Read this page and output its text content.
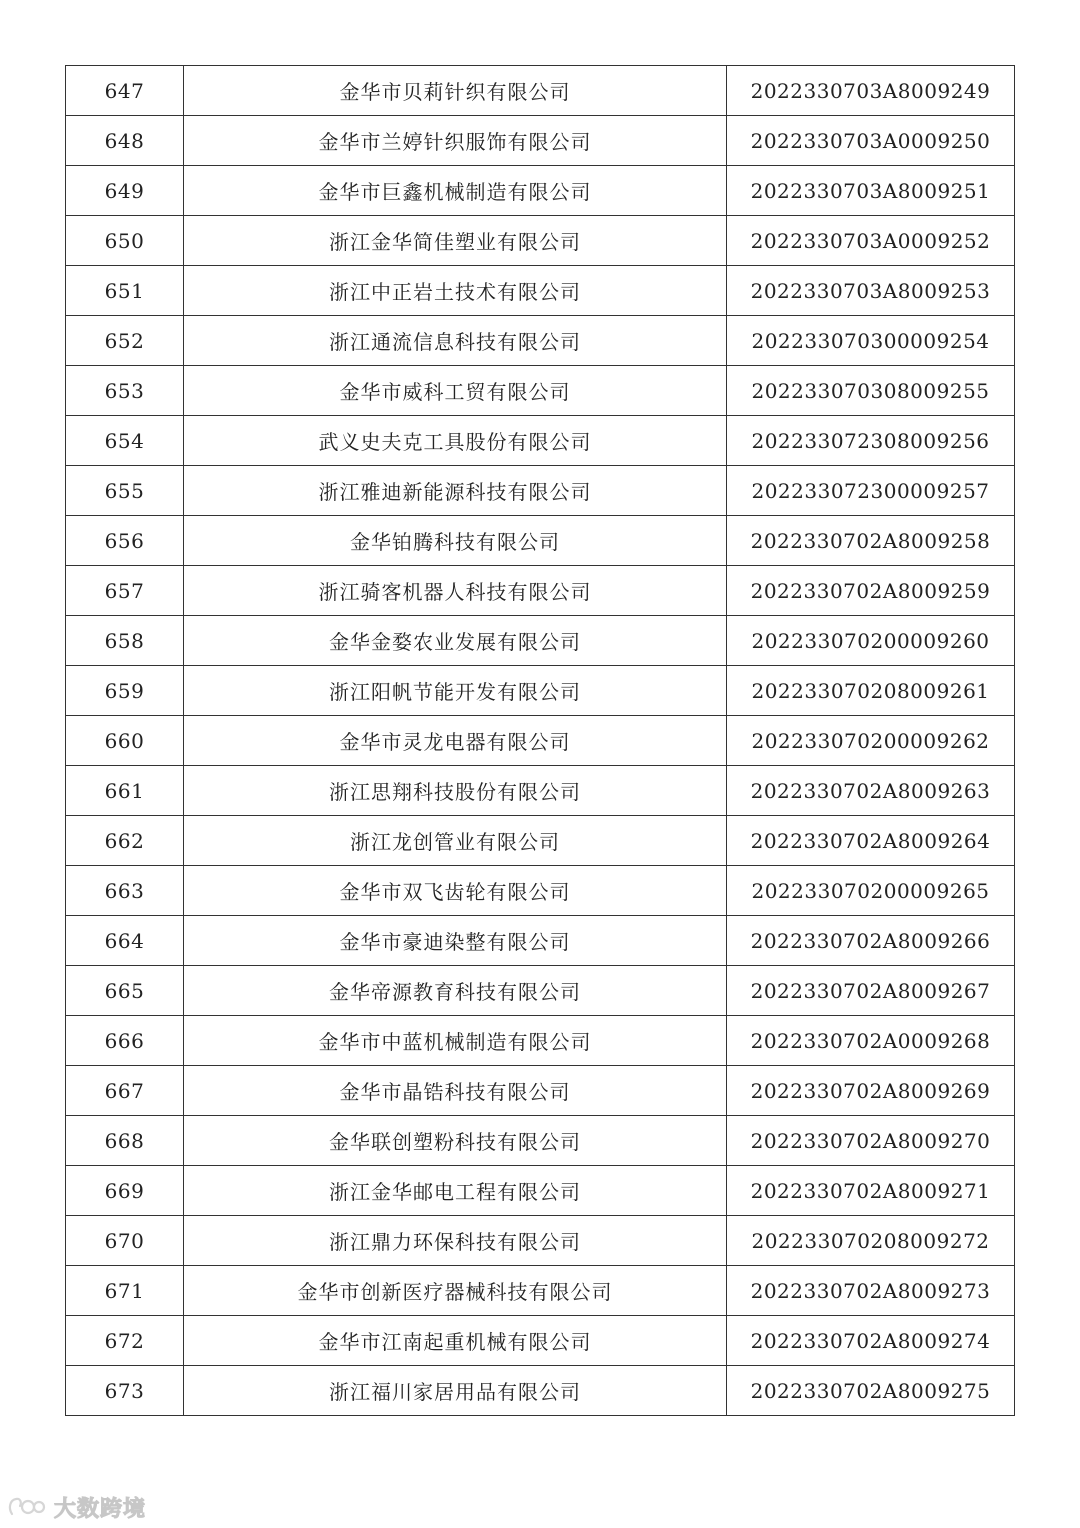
647	金华市贝莉针织有限公司	2022330703A8009249
648	金华市兰婷针织服饰有限公司	2022330703A0009250
649	金华市巨鑫机械制造有限公司	2022330703A8009251
650	浙江金华简佳塑业有限公司	2022330703A0009252
651	浙江中正岩土技术有限公司	2022330703A8009253
652	浙江通流信息科技有限公司	202233070300009254
653	金华市威科工贸有限公司	202233070308009255
654	武义史夫克工具股份有限公司	202233072308009256
655	浙江雅迪新能源科技有限公司	202233072300009257
656	金华铂腾科技有限公司	2022330702A8009258
657	浙江骑客机器人科技有限公司	2022330702A8009259
658	金华金婺农业发展有限公司	202233070200009260
659	浙江阳帆节能开发有限公司	202233070208009261
660	金华市灵龙电器有限公司	202233070200009262
661	浙江思翔科技股份有限公司	2022330702A8009263
662	浙江龙创管业有限公司	2022330702A8009264
663	金华市双飞齿轮有限公司	202233070200009265
664	金华市豪迪染整有限公司	2022330702A8009266
665	金华帝源教育科技有限公司	2022330702A8009267
666	金华市中蓝机械制造有限公司	2022330702A0009268
667	金华市晶锆科技有限公司	2022330702A8009269
668	金华联创塑粉科技有限公司	2022330702A8009270
669	浙江金华邮电工程有限公司	2022330702A8009271
670	浙江鼎力环保科技有限公司	202233070208009272
671	金华市创新医疗器械科技有限公司	2022330702A8009273
672	金华市江南起重机械有限公司	2022330702A8009274
673	浙江福川家居用品有限公司	2022330702A8009275
大数跨境
